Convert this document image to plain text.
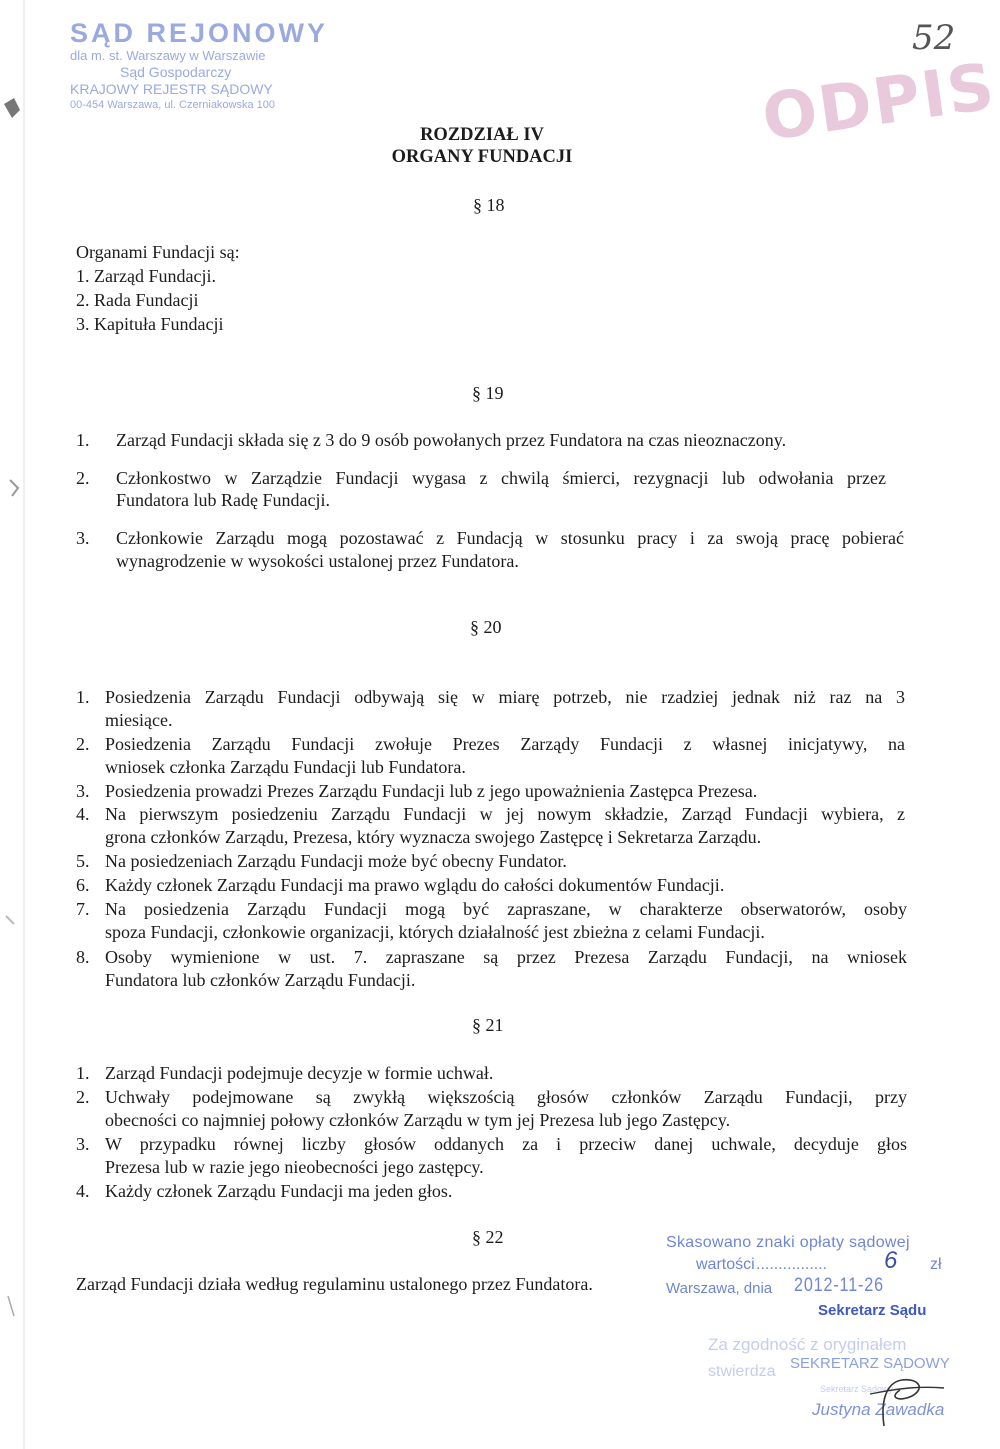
SĄD REJONOWY
dla m. st. Warszawy w Warszawie
Sąd Gospodarczy
KRAJOWY REJESTR SĄDOWY
00-454 Warszawa, ul. Czerniakowska 100
52
ODPIS
ROZDZIAŁ IV
ORGANY FUNDACJI
§ 18
Organami Fundacji są:
1. Zarząd Fundacji.
2. Rada Fundacji
3. Kapituła Fundacji
§ 19
1. Zarząd Fundacji składa się z 3 do 9 osób powołanych przez Fundatora na czas nieoznaczony.
2. Członkostwo w Zarządzie Fundacji wygasa z chwilą śmierci, rezygnacji lub odwołania przez
Fundatora lub Radę Fundacji.
3. Członkowie Zarządu mogą pozostawać z Fundacją w stosunku pracy i za swoją pracę pobierać
wynagrodzenie w wysokości ustalonej przez Fundatora.
§ 20
1. Posiedzenia Zarządu Fundacji odbywają się w miarę potrzeb, nie rzadziej jednak niż raz na 3
miesiące.
2. Posiedzenia Zarządu Fundacji zwołuje Prezes Zarządy Fundacji z własnej inicjatywy, na
wniosek członka Zarządu Fundacji lub Fundatora.
3. Posiedzenia prowadzi Prezes Zarządu Fundacji lub z jego upoważnienia Zastępca Prezesa.
4. Na pierwszym posiedzeniu Zarządu Fundacji w jej nowym składzie, Zarząd Fundacji wybiera, z
grona członków Zarządu, Prezesa, który wyznacza swojego Zastępcę i Sekretarza Zarządu.
5. Na posiedzeniach Zarządu Fundacji może być obecny Fundator.
6. Każdy członek Zarządu Fundacji ma prawo wglądu do całości dokumentów Fundacji.
7. Na posiedzenia Zarządu Fundacji mogą być zapraszane, w charakterze obserwatorów, osoby
spoza Fundacji, członkowie organizacji, których działalność jest zbieżna z celami Fundacji.
8. Osoby wymienione w ust. 7. zapraszane są przez Prezesa Zarządu Fundacji, na wniosek
Fundatora lub członków Zarządu Fundacji.
§ 21
1. Zarząd Fundacji podejmuje decyzje w formie uchwał.
2. Uchwały podejmowane są zwykłą większością głosów członków Zarządu Fundacji, przy
obecności co najmniej połowy członków Zarządu w tym jej Prezesa lub jego Zastępcy.
3. W przypadku równej liczby głosów oddanych za i przeciw danej uchwale, decyduje głos
Prezesa lub w razie jego nieobecności jego zastępcy.
4. Każdy członek Zarządu Fundacji ma jeden głos.
§ 22
Zarząd Fundacji działa według regulaminu ustalonego przez Fundatora.
Skasowano znaki opłaty sądowej
wartości ................ 6 zł
Warszawa, dnia 2012-11-26
Sekretarz Sądu
Za zgodność z oryginałem
stwierdza SEKRETARZ SĄDOWY
Sekretarz Sądowy
Justyna Zawadka
